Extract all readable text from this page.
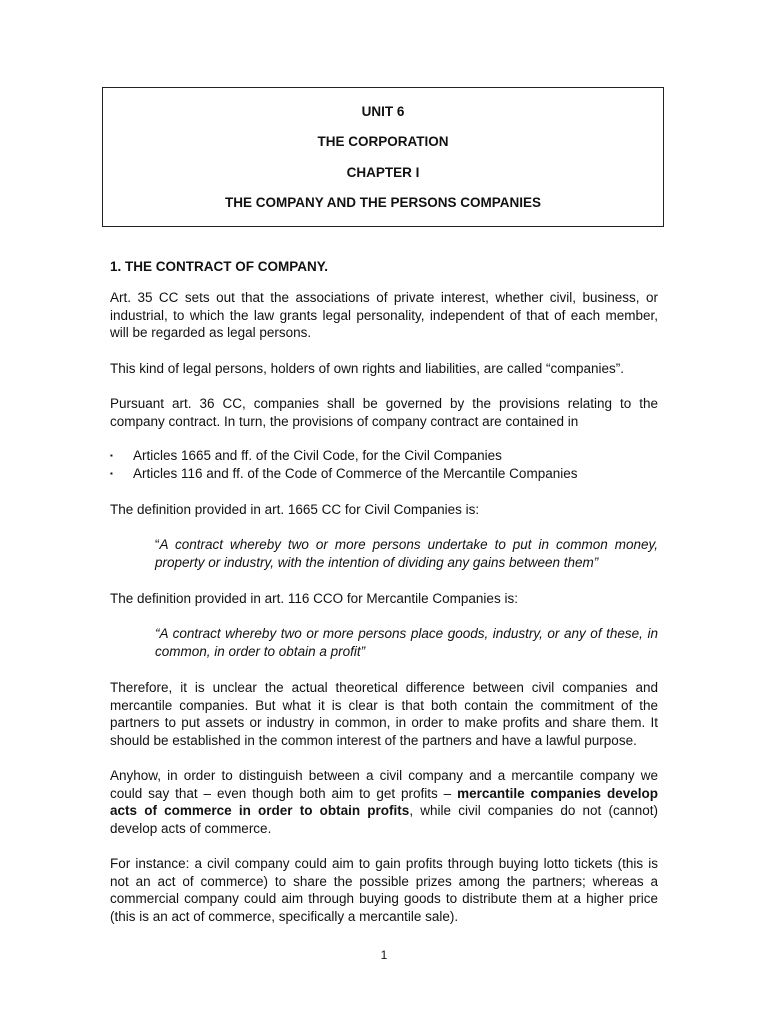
UNIT 6
THE CORPORATION
CHAPTER I
THE COMPANY AND THE PERSONS COMPANIES
1. THE CONTRACT OF COMPANY.
Art. 35 CC sets out that the associations of private interest, whether civil, business, or industrial, to which the law grants legal personality, independent of that of each member, will be regarded as legal persons.
This kind of legal persons, holders of own rights and liabilities, are called “companies”.
Pursuant art. 36 CC, companies shall be governed by the provisions relating to the company contract. In turn, the provisions of company contract are contained in
▪	Articles 1665 and ff. of the Civil Code, for the Civil Companies
▪	Articles 116 and ff. of the Code of Commerce of the Mercantile Companies
The definition provided in art. 1665 CC for Civil Companies is:
“A contract whereby two or more persons undertake to put in common money, property or industry, with the intention of dividing any gains between them”
The definition provided in art. 116 CCO for Mercantile Companies is:
“A contract whereby two or more persons place goods, industry, or any of these, in common, in order to obtain a profit”
Therefore, it is unclear the actual theoretical difference between civil companies and mercantile companies. But what it is clear is that both contain the commitment of the partners to put assets or industry in common, in order to make profits and share them. It should be established in the common interest of the partners and have a lawful purpose.
Anyhow, in order to distinguish between a civil company and a mercantile company we could say that – even though both aim to get profits – mercantile companies develop acts of commerce in order to obtain profits, while civil companies do not (cannot) develop acts of commerce.
For instance: a civil company could aim to gain profits through buying lotto tickets (this is not an act of commerce) to share the possible prizes among the partners; whereas a commercial company could aim through buying goods to distribute them at a higher price (this is an act of commerce, specifically a mercantile sale).
1
